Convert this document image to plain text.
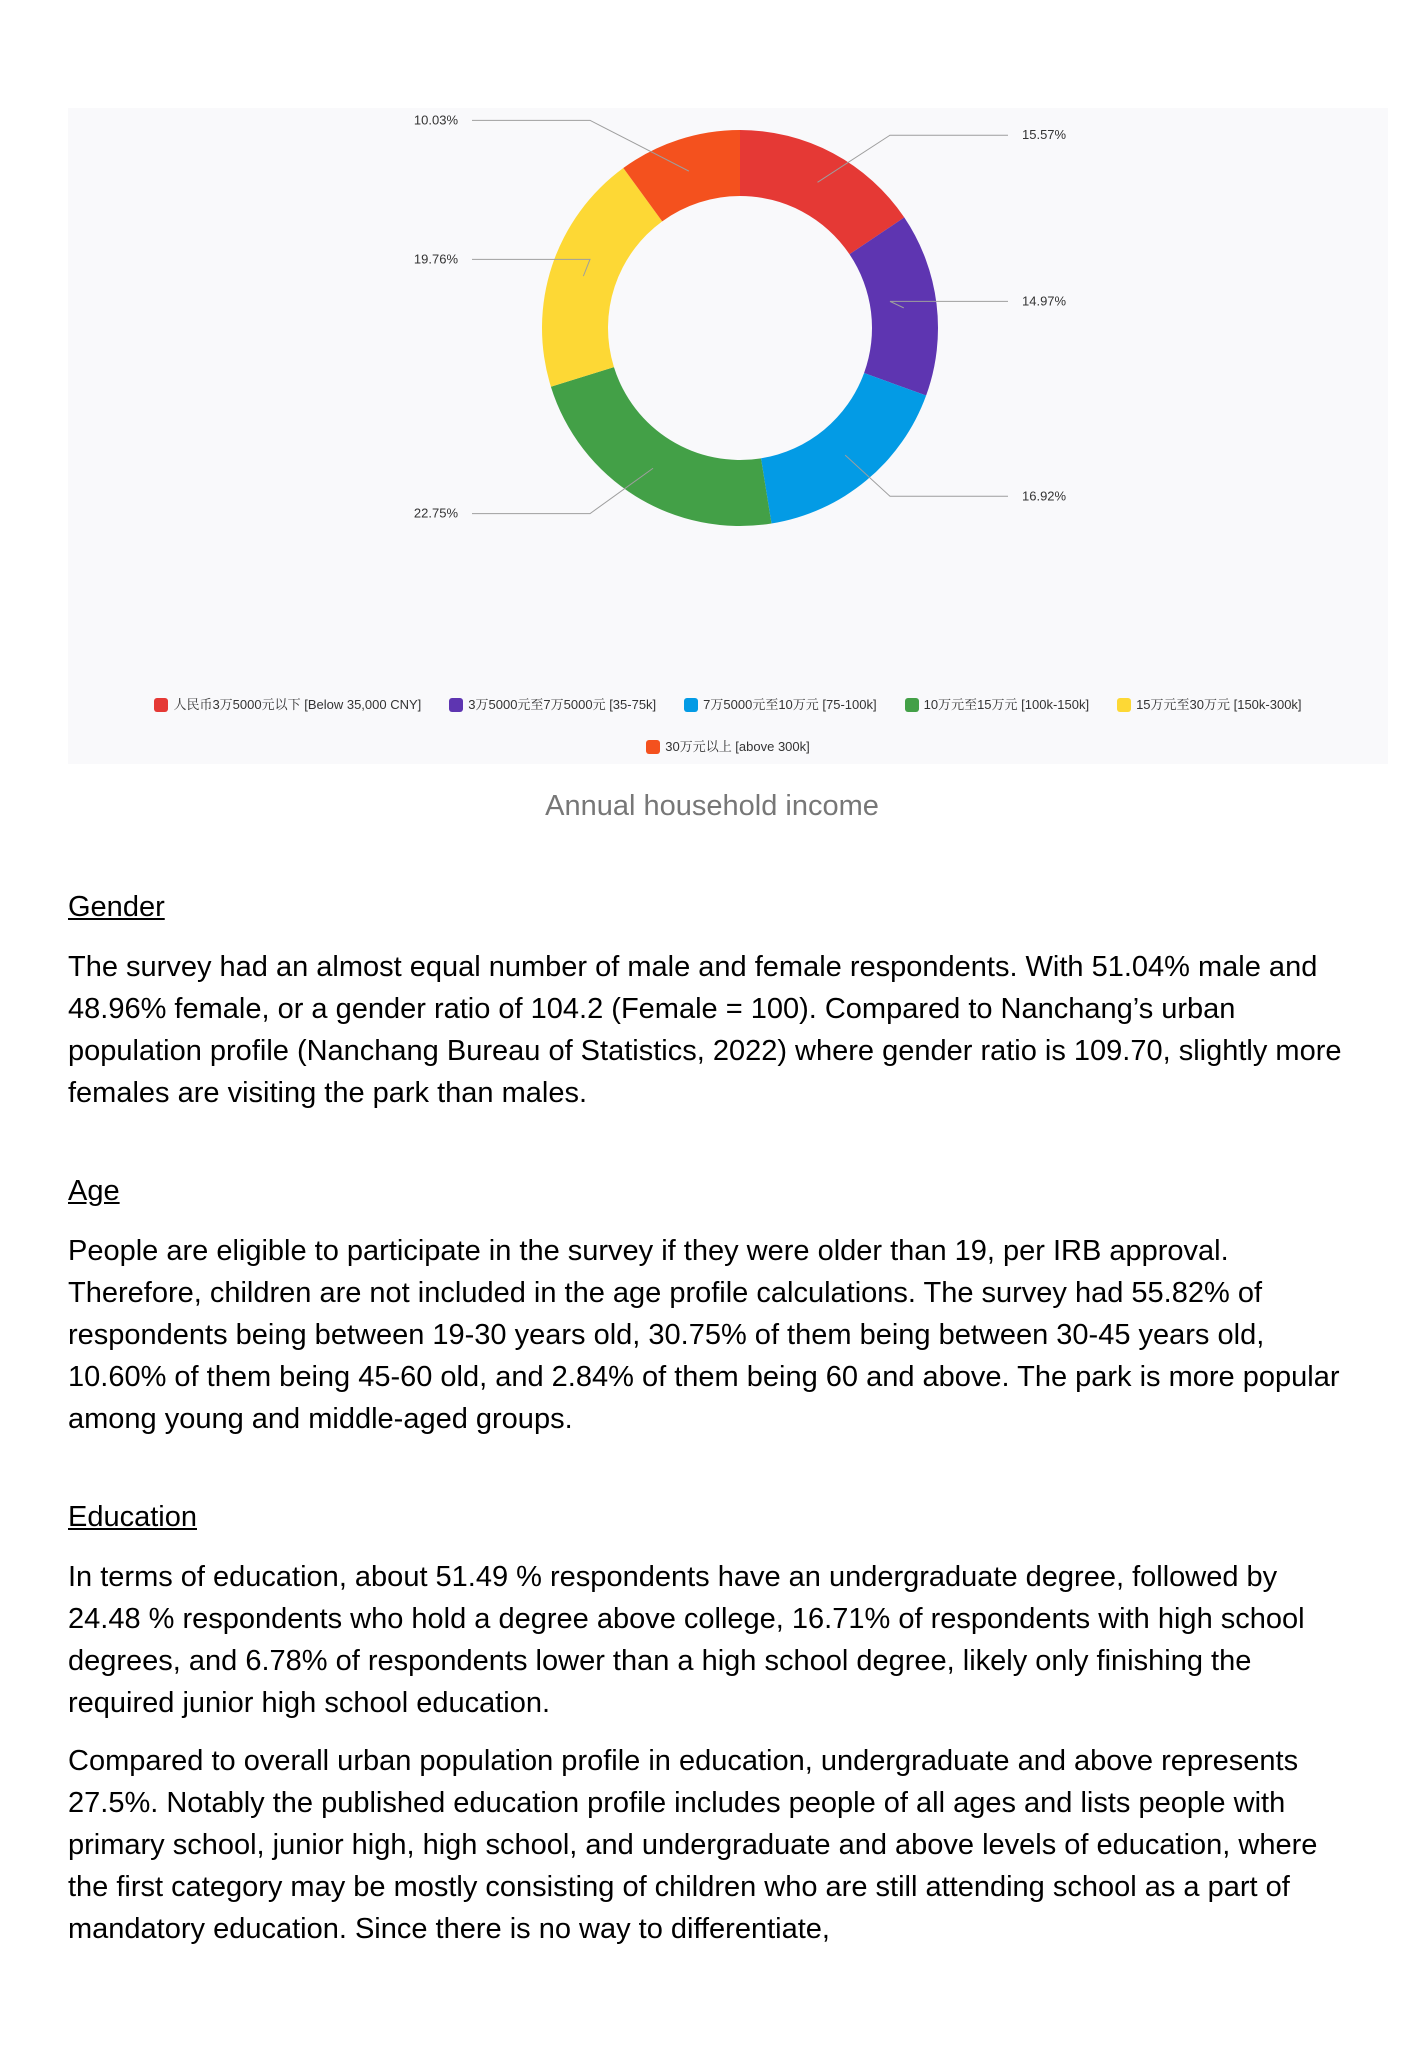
15.57%
14.97%
16.92%
22.75%
19.76%
10.03%
人民币3万5000元以下 [Below 35,000 CNY]	3万5000元至7万5000元 [35-75k]	7万5000元至10万元 [75-100k]	10万元至15万元 [100k-150k]	15万元至30万元 [150k-300k]
30万元以上 [above 300k]
Annual household income
Gender

The survey had an almost equal number of male and female respondents. With 51.04% male and 48.96% female, or a gender ratio of 104.2 (Female = 100). Compared to Nanchang’s urban population profile (Nanchang Bureau of Statistics, 2022) where gender ratio is 109.70, slightly more females are visiting the park than males.

Age

People are eligible to participate in the survey if they were older than 19, per IRB approval. Therefore, children are not included in the age profile calculations. The survey had 55.82% of respondents being between 19-30 years old, 30.75% of them being between 30-45 years old, 10.60% of them being 45-60 old, and 2.84% of them being 60 and above. The park is more popular among young and middle-aged groups.

Education

In terms of education, about 51.49 % respondents have an undergraduate degree, followed by 24.48 % respondents who hold a degree above college, 16.71% of respondents with high school degrees, and 6.78% of respondents lower than a high school degree, likely only finishing the required junior high school education.

Compared to overall urban population profile in education, undergraduate and above represents 27.5%. Notably the published education profile includes people of all ages and lists people with primary school, junior high, high school, and undergraduate and above levels of education, where the first category may be mostly consisting of children who are still attending school as a part of mandatory education. Since there is no way to differentiate,
